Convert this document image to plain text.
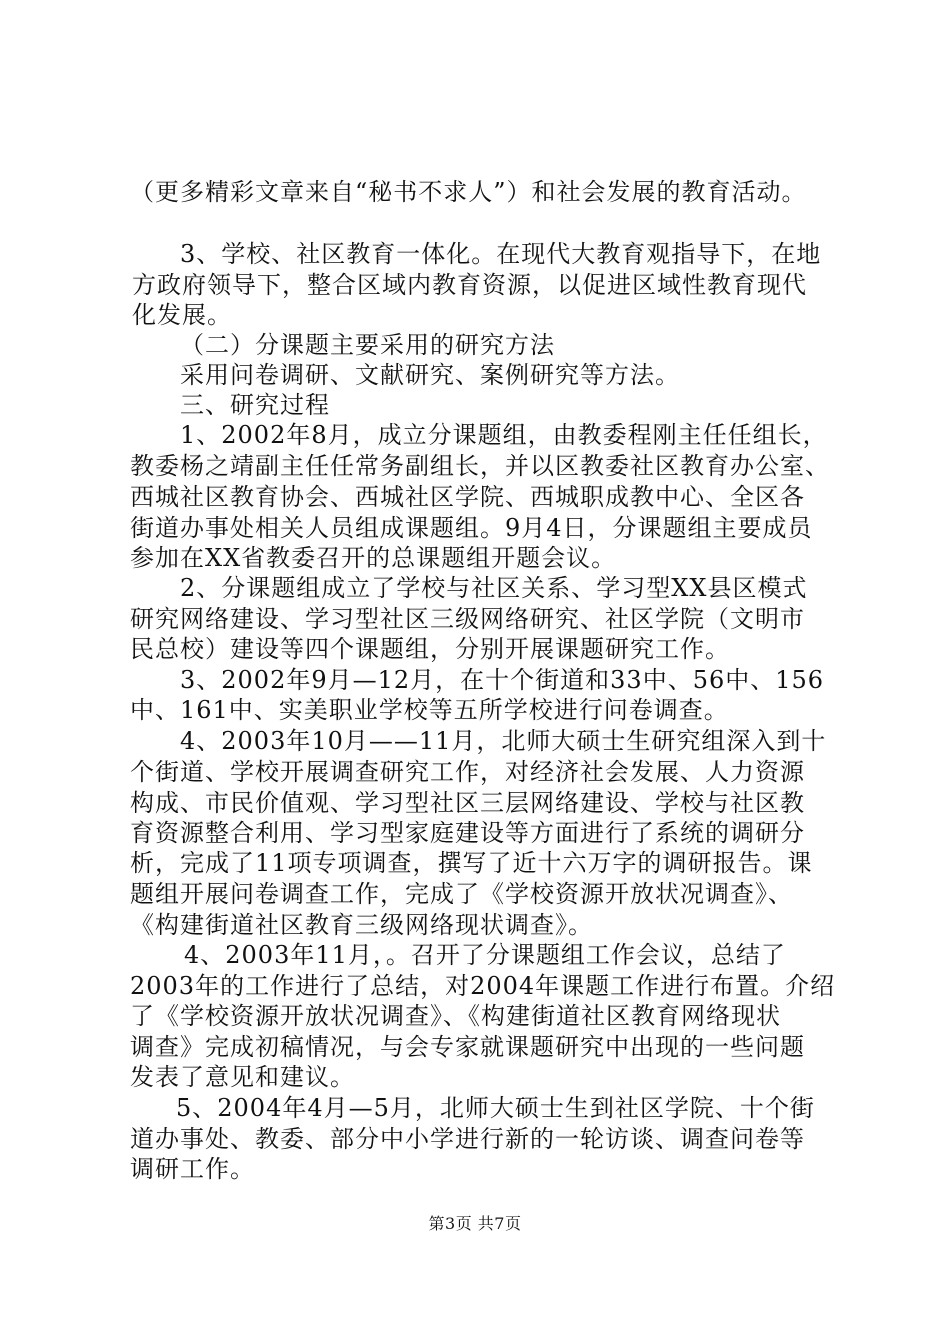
（更多精彩文章来自“秘书不求人”）和社会发展的教育活动。
3、学校、社区教育一体化。在现代大教育观指导下，在地
方政府领导下，整合区域内教育资源，以促进区域性教育现代
化发展。
（二）分课题主要采用的研究方法
采用问卷调研、文献研究、案例研究等方法。
三、研究过程
1、2002年8月，成立分课题组，由教委程刚主任任组长，
教委杨之靖副主任任常务副组长，并以区教委社区教育办公室、
西城社区教育协会、西城社区学院、西城职成教中心、全区各
街道办事处相关人员组成课题组。9月4日，分课题组主要成员
参加在XX省教委召开的总课题组开题会议。
2、分课题组成立了学校与社区关系、学习型XX县区模式
研究网络建设、学习型社区三级网络研究、社区学院（文明市
民总校）建设等四个课题组，分别开展课题研究工作。
3、2002年9月—12月，在十个街道和33中、56中、156
中、161中、实美职业学校等五所学校进行问卷调查。
4、2003年10月——11月，北师大硕士生研究组深入到十
个街道、学校开展调查研究工作，对经济社会发展、人力资源
构成、市民价值观、学习型社区三层网络建设、学校与社区教
育资源整合利用、学习型家庭建设等方面进行了系统的调研分
析，完成了11项专项调查，撰写了近十六万字的调研报告。课
题组开展问卷调查工作，完成了《学校资源开放状况调查》、
《构建街道社区教育三级网络现状调查》。
4、2003年11月，。召开了分课题组工作会议，总结了
2003年的工作进行了总结，对2004年课题工作进行布置。介绍
了《学校资源开放状况调查》、《构建街道社区教育网络现状
调查》完成初稿情况，与会专家就课题研究中出现的一些问题
发表了意见和建议。
5、2004年4月—5月，北师大硕士生到社区学院、十个街
道办事处、教委、部分中小学进行新的一轮访谈、调查问卷等
调研工作。
第3页 共7页
